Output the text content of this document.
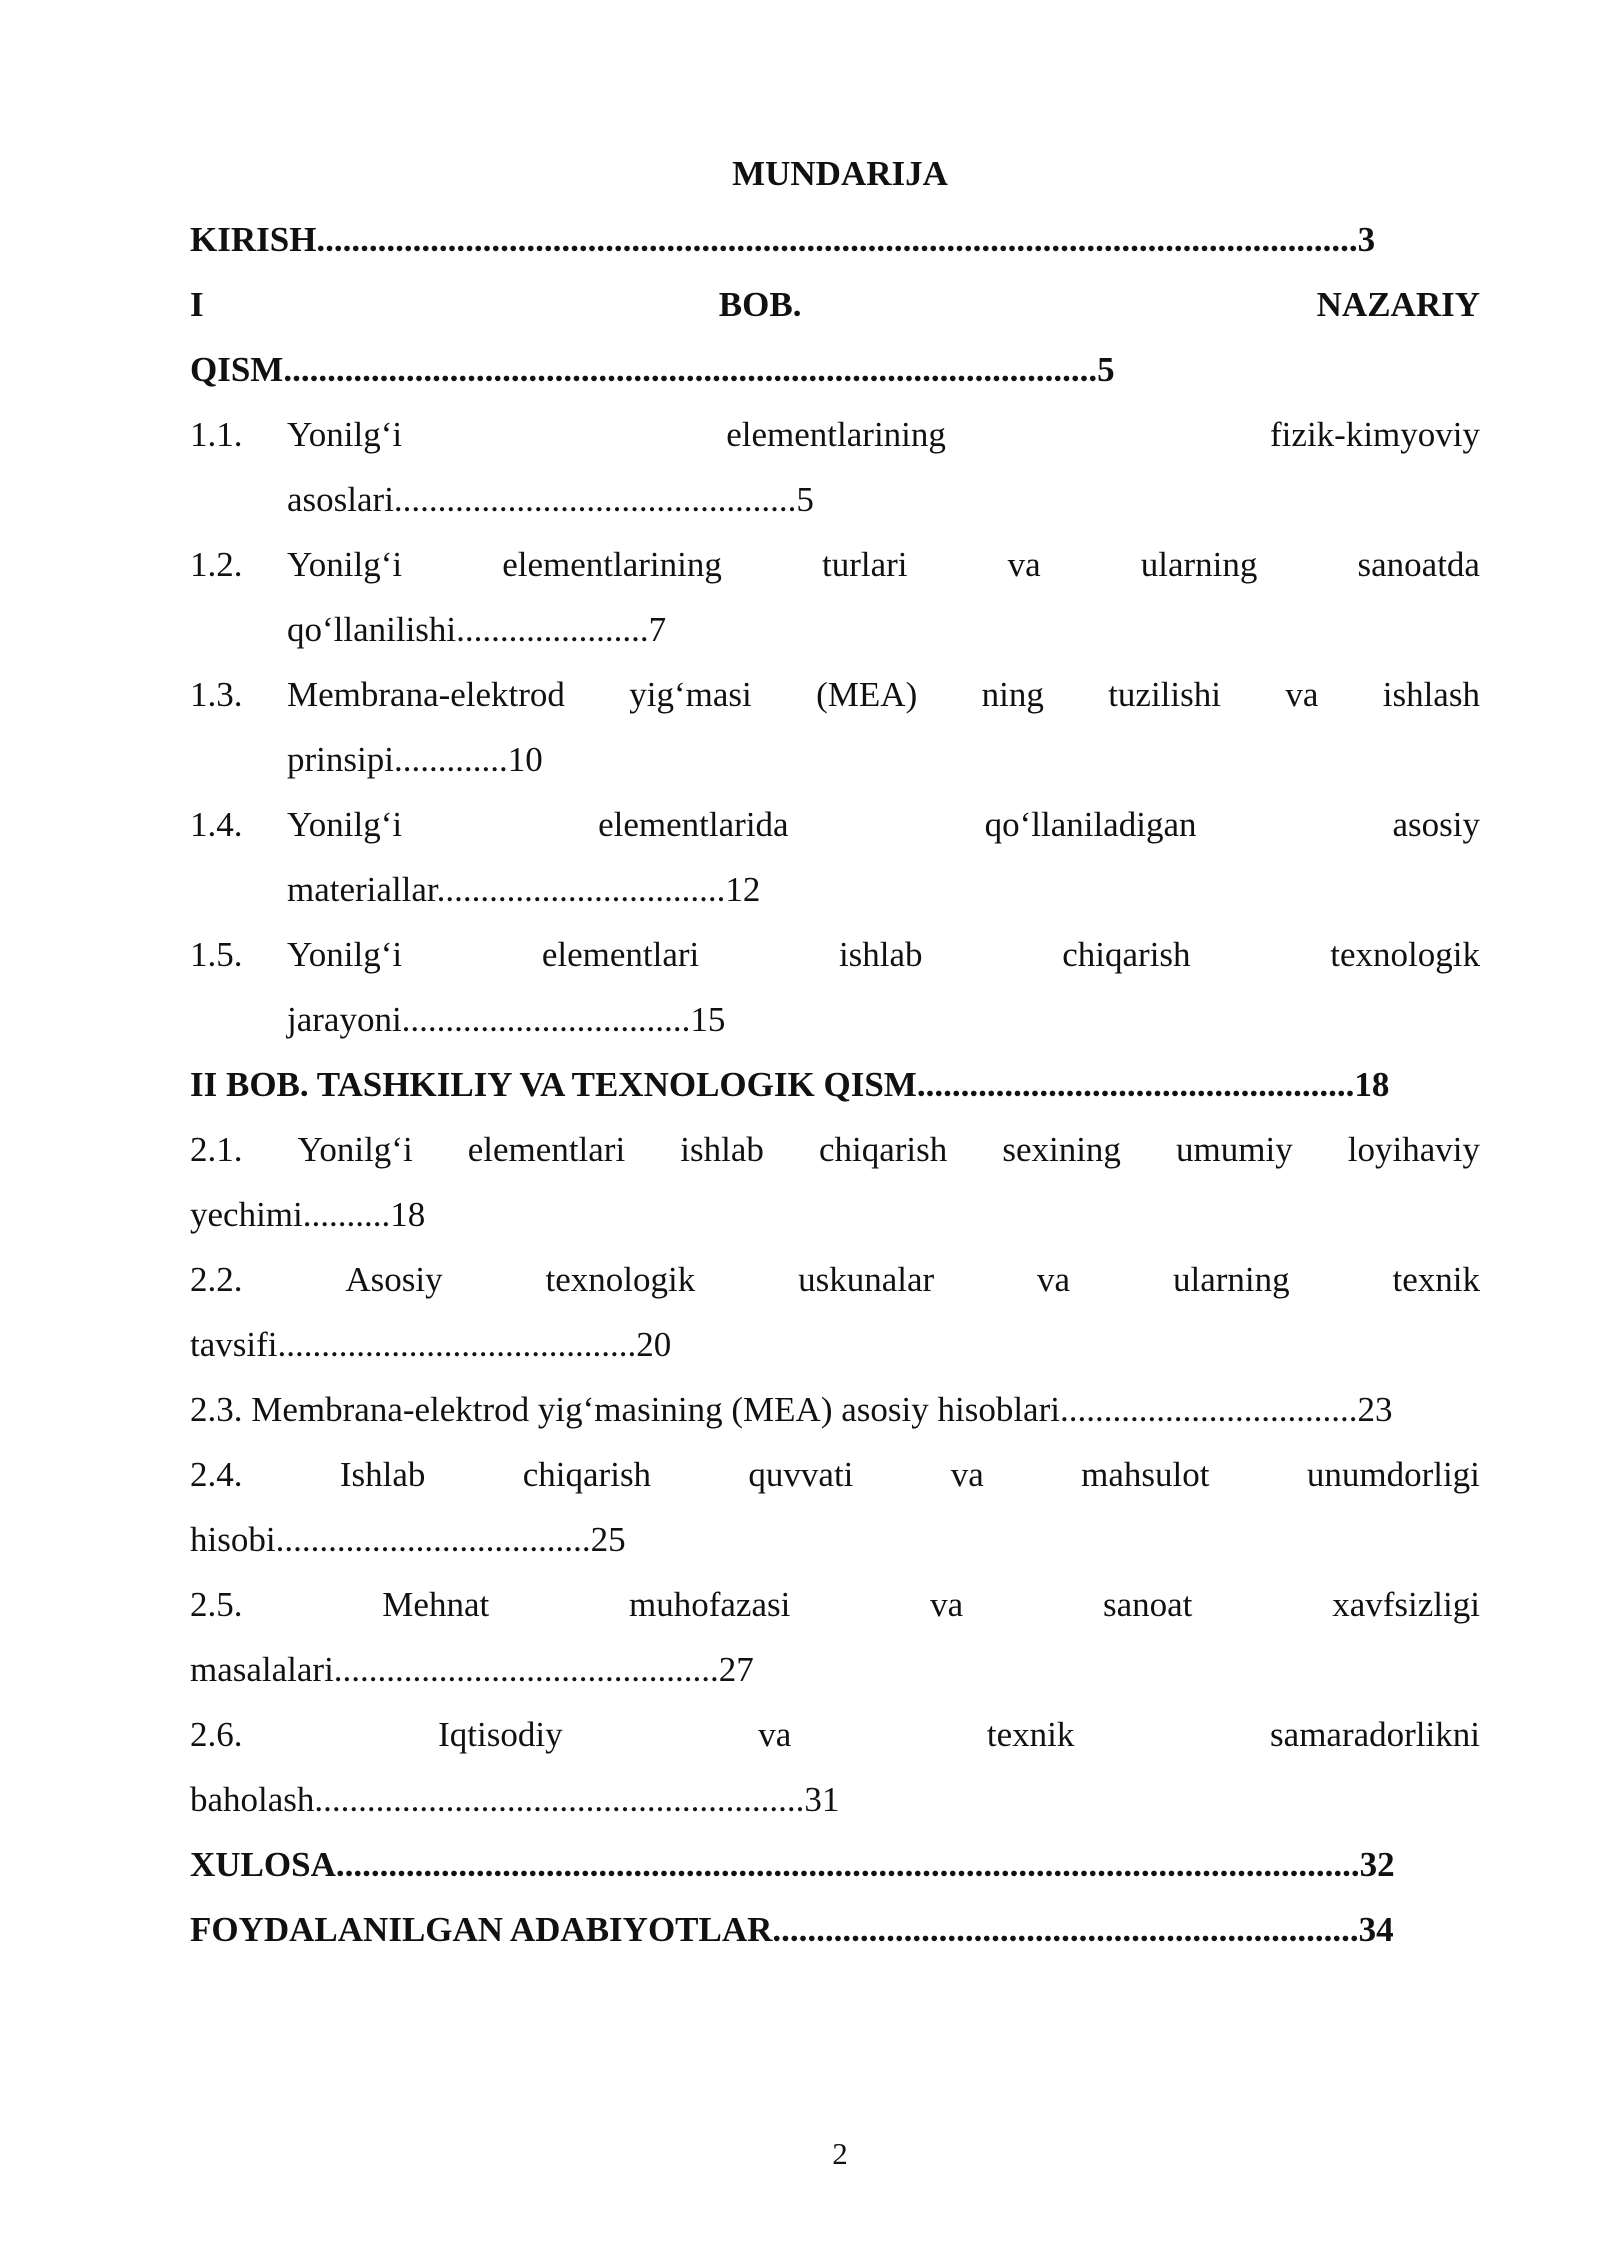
MUNDARIJA
KIRISH.......................................................................................................................3
I	BOB.	NAZARIY
QISM.............................................................................................5
1.1. Yonilg‘i	elementlarining	fizik-kimyoviy
asoslari..............................................5
1.2. Yonilg‘i	elementlarining	turlari	va	ularning	sanoatda
qo‘llanilishi......................7
1.3. Membrana-elektrod yig‘masi (MEA) ning tuzilishi va ishlash
prinsipi.............10
1.4. Yonilg‘i	elementlarida	qo‘llaniladigan	asosiy
materiallar.................................12
1.5. Yonilg‘i	elementlari	ishlab	chiqarish	texnologik
jarayoni.................................15
II BOB. TASHKILIY VA TEXNOLOGIK QISM..................................................18
2.1. Yonilg‘i elementlari ishlab chiqarish sexining umumiy loyihaviy
yechimi..........18
2.2.	Asosiy	texnologik	uskunalar	va	ularning	texnik
tavsifi.........................................20
2.3. Membrana-elektrod yig‘masining (MEA) asosiy hisoblari..................................23
2.4.	Ishlab	chiqarish	quvvati	va	mahsulot	unumdorligi
hisobi....................................25
2.5.	Mehnat	muhofazasi	va	sanoat	xavfsizligi
masalalari............................................27
2.6.	Iqtisodiy	va	texnik	samaradorlikni
baholash........................................................31
XULOSA.....................................................................................................................32
FOYDALANILGAN ADABIYOTLAR...................................................................34
2
